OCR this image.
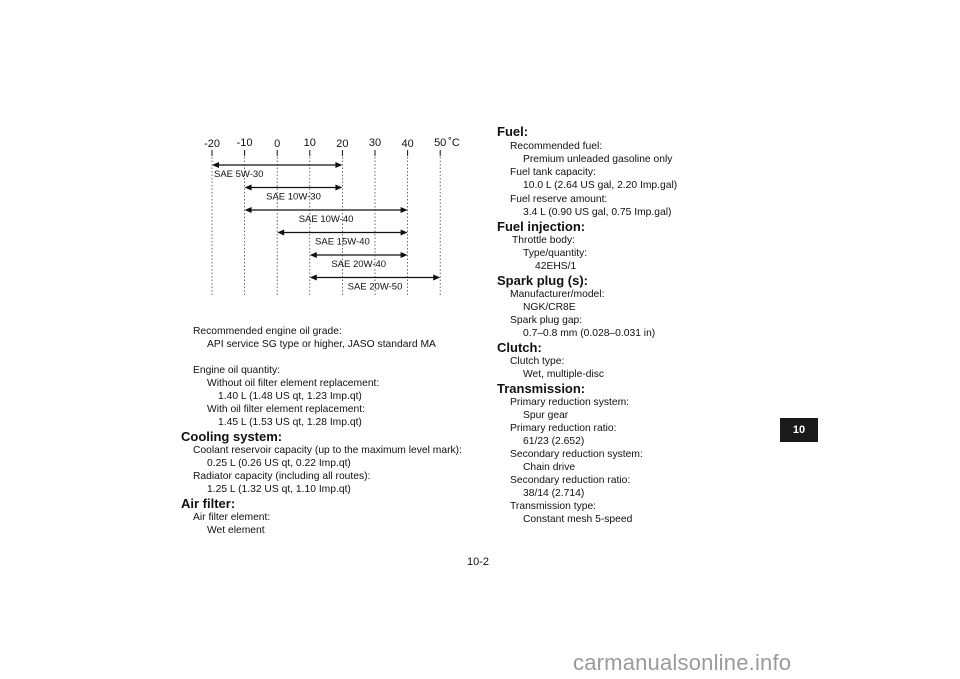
-20 -10 0 10 20 30 40 50 ˚C
SAE 5W-30
SAE 10W-30
SAE 10W-40
SAE 15W-40
SAE 20W-40
SAE 20W-50
Recommended engine oil grade:
API service SG type or higher, JASO standard MA
Engine oil quantity:
Without oil filter element replacement:
1.40 L (1.48 US qt, 1.23 Imp.qt)
With oil filter element replacement:
1.45 L (1.53 US qt, 1.28 Imp.qt)
Cooling system:
Coolant reservoir capacity (up to the maximum level mark):
0.25 L (0.26 US qt, 0.22 Imp.qt)
Radiator capacity (including all routes):
1.25 L (1.32 US qt, 1.10 Imp.qt)
Air filter:
Air filter element:
Wet element
Fuel:
Recommended fuel:
Premium unleaded gasoline only
Fuel tank capacity:
10.0 L (2.64 US gal, 2.20 Imp.gal)
Fuel reserve amount:
3.4 L (0.90 US gal, 0.75 Imp.gal)
Fuel injection:
Throttle body:
Type/quantity:
42EHS/1
Spark plug (s):
Manufacturer/model:
NGK/CR8E
Spark plug gap:
0.7–0.8 mm (0.028–0.031 in)
Clutch:
Clutch type:
Wet, multiple-disc
Transmission:
Primary reduction system:
Spur gear
Primary reduction ratio:
61/23 (2.652)
Secondary reduction system:
Chain drive
Secondary reduction ratio:
38/14 (2.714)
Transmission type:
Constant mesh 5-speed
10
10-2
carmanualsonline.info
